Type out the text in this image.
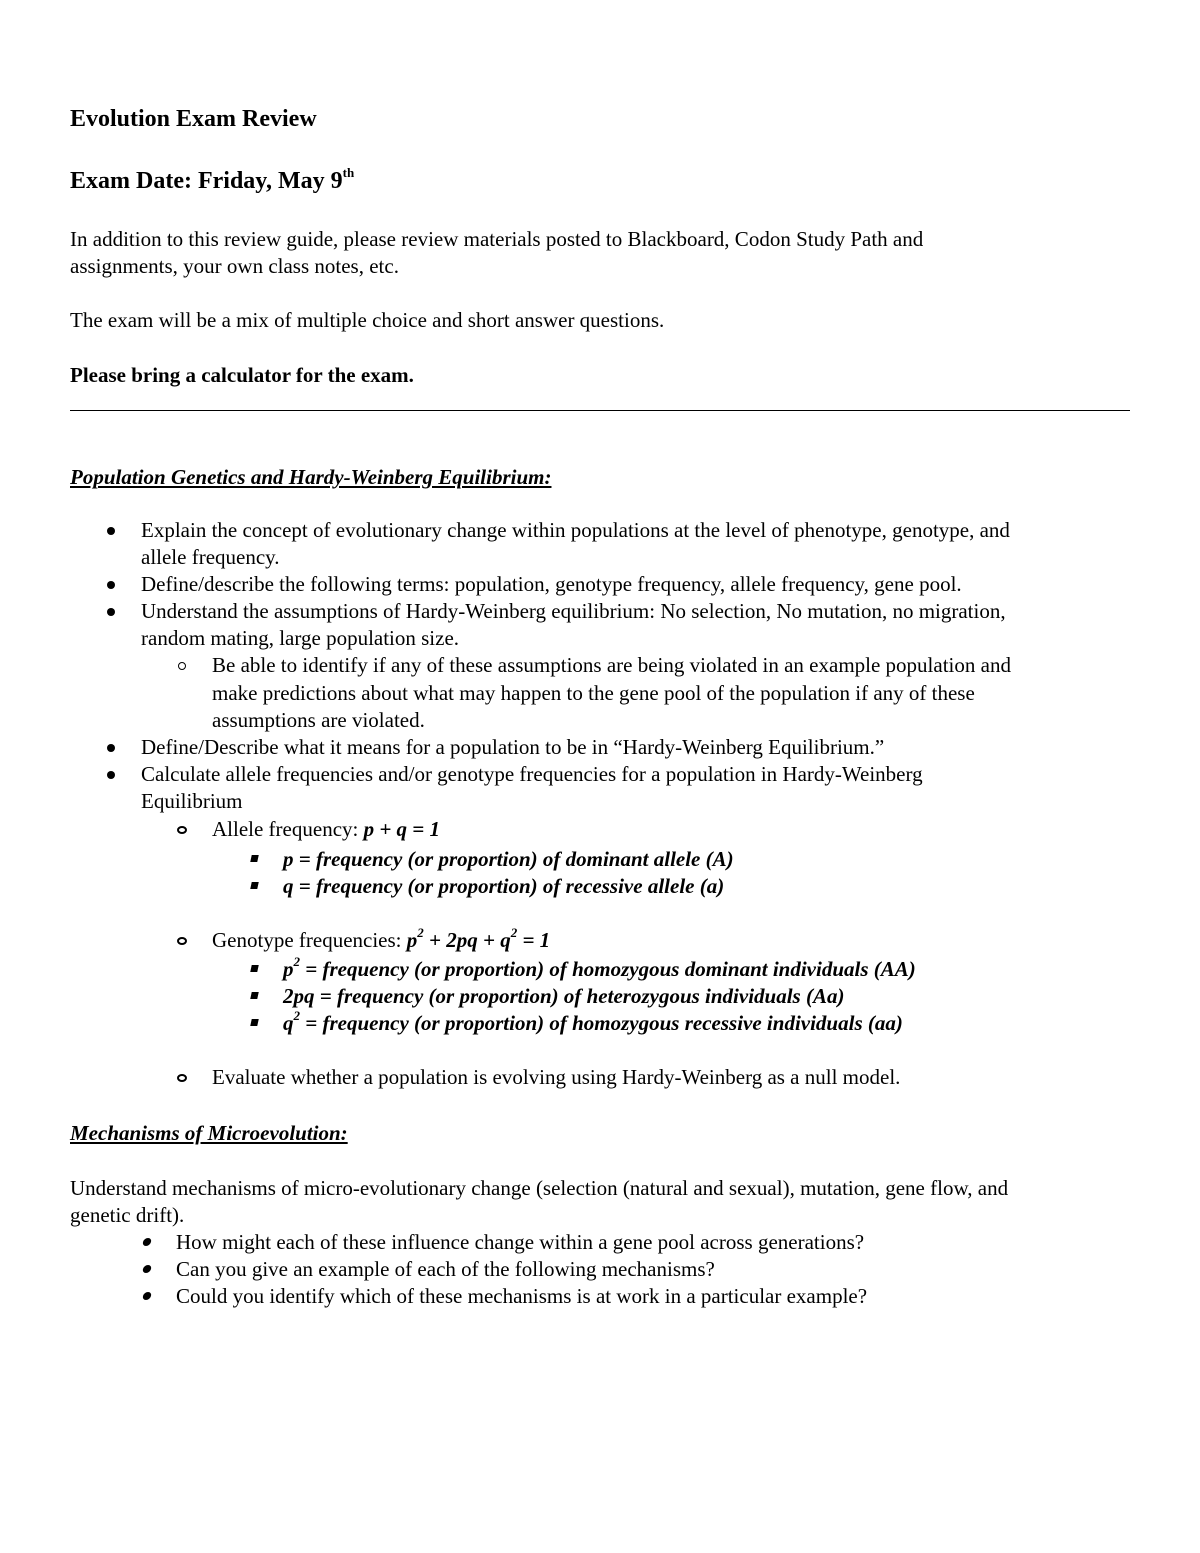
Evolution Exam Review
Exam Date: Friday, May 9th
In addition to this review guide, please review materials posted to Blackboard, Codon Study Path and
assignments, your own class notes, etc.
The exam will be a mix of multiple choice and short answer questions.
Please bring a calculator for the exam.
Population Genetics and Hardy-Weinberg Equilibrium:
Explain the concept of evolutionary change within populations at the level of phenotype, genotype, and
allele frequency.
Define/describe the following terms: population, genotype frequency, allele frequency, gene pool.
Understand the assumptions of Hardy-Weinberg equilibrium: No selection, No mutation, no migration,
random mating, large population size.
Be able to identify if any of these assumptions are being violated in an example population and
make predictions about what may happen to the gene pool of the population if any of these
assumptions are violated.
Define/Describe what it means for a population to be in “Hardy-Weinberg Equilibrium.”
Calculate allele frequencies and/or genotype frequencies for a population in Hardy-Weinberg
Equilibrium
Allele frequency: p + q = 1
p = frequency (or proportion) of dominant allele (A)
q = frequency (or proportion) of recessive allele (a)
Genotype frequencies: $p^2 + 2pq + q^2 = 1$
$p^2$ = frequency (or proportion) of homozygous dominant individuals (AA)
2pq = frequency (or proportion) of heterozygous individuals (Aa)
$q^2$ = frequency (or proportion) of homozygous recessive individuals (aa)
Evaluate whether a population is evolving using Hardy-Weinberg as a null model.
Mechanisms of Microevolution:
Understand mechanisms of micro-evolutionary change (selection (natural and sexual), mutation, gene flow, and
genetic drift).
How might each of these influence change within a gene pool across generations?
Can you give an example of each of the following mechanisms?
Could you identify which of these mechanisms is at work in a particular example?
